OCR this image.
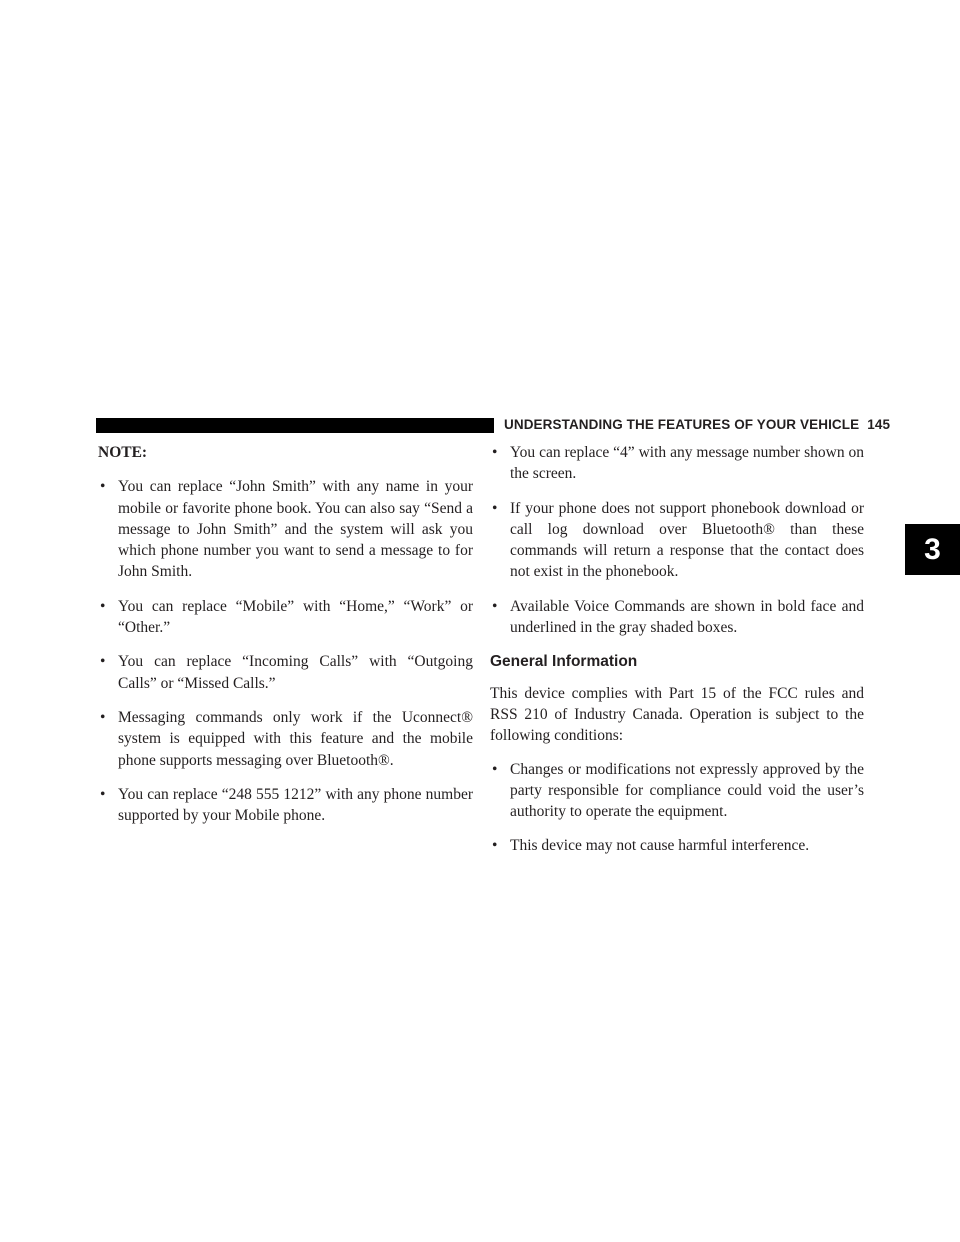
UNDERSTANDING THE FEATURES OF YOUR VEHICLE 145
3

NOTE:

• You can replace “John Smith” with any name in your mobile or favorite phone book. You can also say “Send a message to John Smith” and the system will ask you which phone number you want to send a message to for John Smith.
• You can replace “Mobile” with “Home,” “Work” or “Other.”
• You can replace “Incoming Calls” with “Outgoing Calls” or “Missed Calls.”
• Messaging commands only work if the Uconnect® system is equipped with this feature and the mobile phone supports messaging over Bluetooth®.
• You can replace “248 555 1212” with any phone number supported by your Mobile phone.
• You can replace “4” with any message number shown on the screen.
• If your phone does not support phonebook download or call log download over Bluetooth® than these commands will return a response that the contact does not exist in the phonebook.
• Available Voice Commands are shown in bold face and underlined in the gray shaded boxes.
General Information

This device complies with Part 15 of the FCC rules and RSS 210 of Industry Canada. Operation is subject to the following conditions:

• Changes or modifications not expressly approved by the party responsible for compliance could void the user’s authority to operate the equipment.
• This device may not cause harmful interference.
